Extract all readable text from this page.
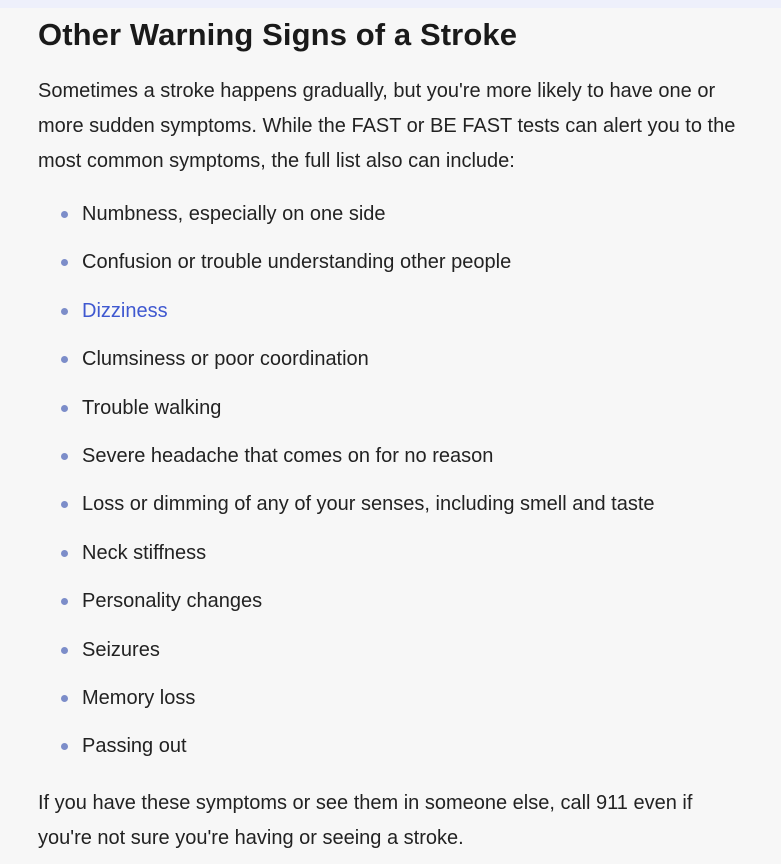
Other Warning Signs of a Stroke

Sometimes a stroke happens gradually, but you're more likely to have one or more sudden symptoms. While the FAST or BE FAST tests can alert you to the most common symptoms, the full list also can include:

Numbness, especially on one side
Confusion or trouble understanding other people
Dizziness
Clumsiness or poor coordination
Trouble walking
Severe headache that comes on for no reason
Loss or dimming of any of your senses, including smell and taste
Neck stiffness
Personality changes
Seizures
Memory loss
Passing out

If you have these symptoms or see them in someone else, call 911 even if you're not sure you're having or seeing a stroke.
